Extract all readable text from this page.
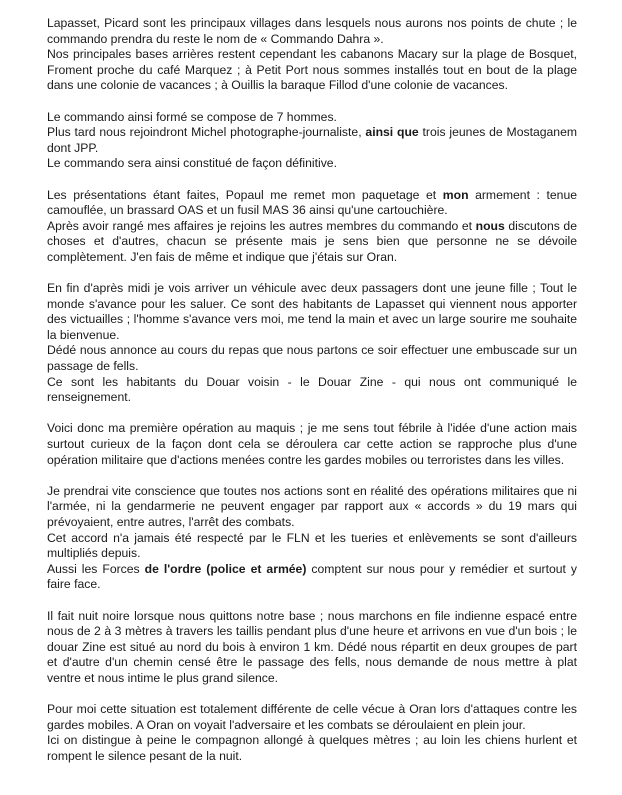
Lapasset, Picard sont les principaux villages dans lesquels nous aurons nos points de chute ; le commando prendra du reste le nom de « Commando Dahra ».
Nos principales bases arrières restent cependant les cabanons Macary sur la plage de Bosquet, Froment proche du café Marquez ; à Petit Port nous sommes installés tout en bout de la plage dans une colonie de vacances ; à Ouillis la baraque Fillod d'une colonie de vacances.

Le commando ainsi formé se compose de 7 hommes.
Plus tard nous rejoindront Michel photographe-journaliste, ainsi que trois jeunes de Mostaganem dont JPP.
Le commando sera ainsi constitué de façon définitive.

Les présentations étant faites, Popaul me remet mon paquetage et mon armement : tenue camouflée, un brassard OAS et un fusil MAS 36 ainsi qu'une cartouchière.
Après avoir rangé mes affaires je rejoins les autres membres du commando et nous discutons de choses et d'autres, chacun se présente mais je sens bien que personne ne se dévoile complètement. J'en fais de même et indique que j'étais sur Oran.

En fin d'après midi je vois arriver un véhicule avec deux passagers dont une jeune fille ; Tout le monde s'avance pour les saluer. Ce sont des habitants de Lapasset qui viennent nous apporter des victuailles ; l'homme s'avance vers moi, me tend la main et avec un large sourire me souhaite la bienvenue.
Dédé nous annonce au cours du repas que nous partons ce soir effectuer une embuscade sur un passage de fells.
Ce sont les habitants du Douar voisin - le Douar Zine - qui nous ont communiqué le renseignement.

Voici donc ma première opération au maquis ; je me sens tout fébrile à l'idée d'une action mais surtout curieux de la façon dont cela se déroulera car cette action se rapproche plus d'une opération militaire que d'actions menées contre les gardes mobiles ou terroristes dans les villes.

Je prendrai vite conscience que toutes nos actions sont en réalité des opérations militaires que ni l'armée, ni la gendarmerie ne peuvent engager par rapport aux « accords » du 19 mars qui prévoyaient, entre autres, l'arrêt des combats.
Cet accord n'a jamais été respecté par le FLN et les tueries et enlèvements se sont d'ailleurs multipliés depuis.
Aussi les Forces de l'ordre (police et armée) comptent sur nous pour y remédier et surtout y faire face.

Il fait nuit noire lorsque nous quittons notre base ; nous marchons en file indienne espacé entre nous de 2 à 3 mètres à travers les taillis pendant plus d'une heure et arrivons en vue d'un bois ; le douar Zine est situé au nord du bois à environ 1 km. Dédé nous répartit en deux groupes de part et d'autre d'un chemin censé être le passage des fells, nous demande de nous mettre à plat ventre et nous intime le plus grand silence.

Pour moi cette situation est totalement différente de celle vécue à Oran lors d'attaques contre les gardes mobiles. A Oran on voyait l'adversaire et les combats se déroulaient en plein jour.
Ici on distingue à peine le compagnon allongé à quelques mètres ; au loin les chiens hurlent et rompent le silence pesant de la nuit.
